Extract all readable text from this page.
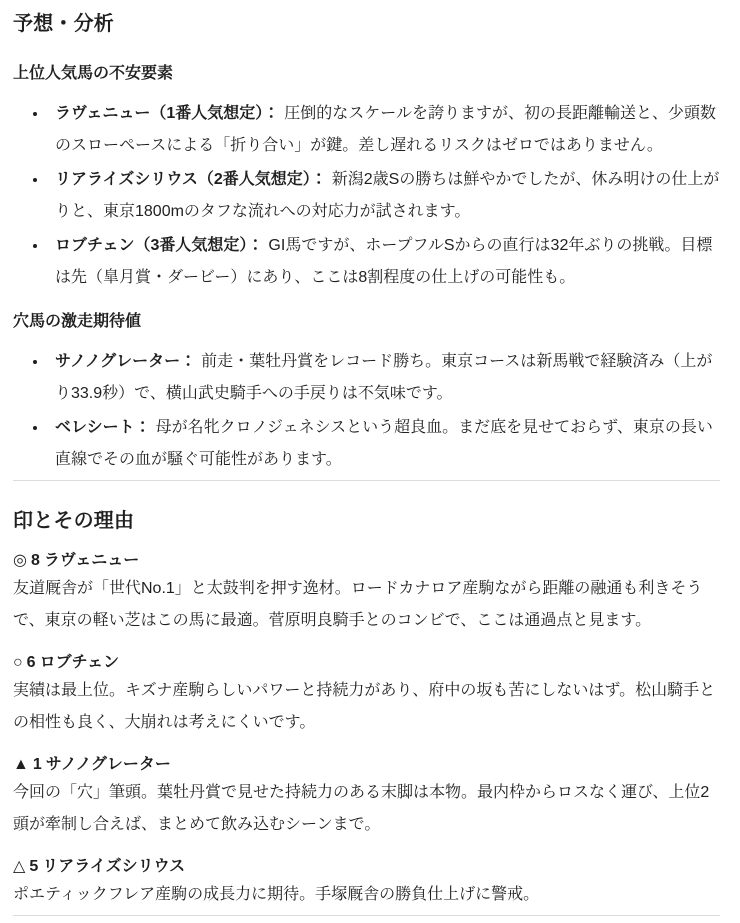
予想・分析
上位人気馬の不安要素
ラヴェニュー（1番人気想定）： 圧倒的なスケールを誇りますが、初の長距離輸送と、少頭数のスローペースによる「折り合い」が鍵。差し遅れるリスクはゼロではありません。
リアライズシリウス（2番人気想定）： 新潟2歳Sの勝ちは鮮やかでしたが、休み明けの仕上がりと、東京1800mのタフな流れへの対応力が試されます。
ロブチェン（3番人気想定）： GI馬ですが、ホープフルSからの直行は32年ぶりの挑戦。目標は先（皐月賞・ダービー）にあり、ここは8割程度の仕上げの可能性も。
穴馬の激走期待値
サノノグレーター： 前走・葉牡丹賞をレコード勝ち。東京コースは新馬戦で経験済み（上がり33.9秒）で、横山武史騎手への手戻りは不気味です。
ベレシート： 母が名牝クロノジェネシスという超良血。まだ底を見せておらず、東京の長い直線でその血が騒ぐ可能性があります。
印とその理由
◎ 8 ラヴェニュー

友道厩舎が「世代No.1」と太鼓判を押す逸材。ロードカナロア産駒ながら距離の融通も利きそうで、東京の軽い芝はこの馬に最適。菅原明良騎手とのコンビで、ここは通過点と見ます。

○ 6 ロブチェン

実績は最上位。キズナ産駒らしいパワーと持続力があり、府中の坂も苦にしないはず。松山騎手との相性も良く、大崩れは考えにくいです。

▲ 1 サノノグレーター

今回の「穴」筆頭。葉牡丹賞で見せた持続力のある末脚は本物。最内枠からロスなく運び、上位2頭が牽制し合えば、まとめて飲み込むシーンまで。

△ 5 リアライズシリウス

ポエティックフレア産駒の成長力に期待。手塚厩舎の勝負仕上げに警戒。
